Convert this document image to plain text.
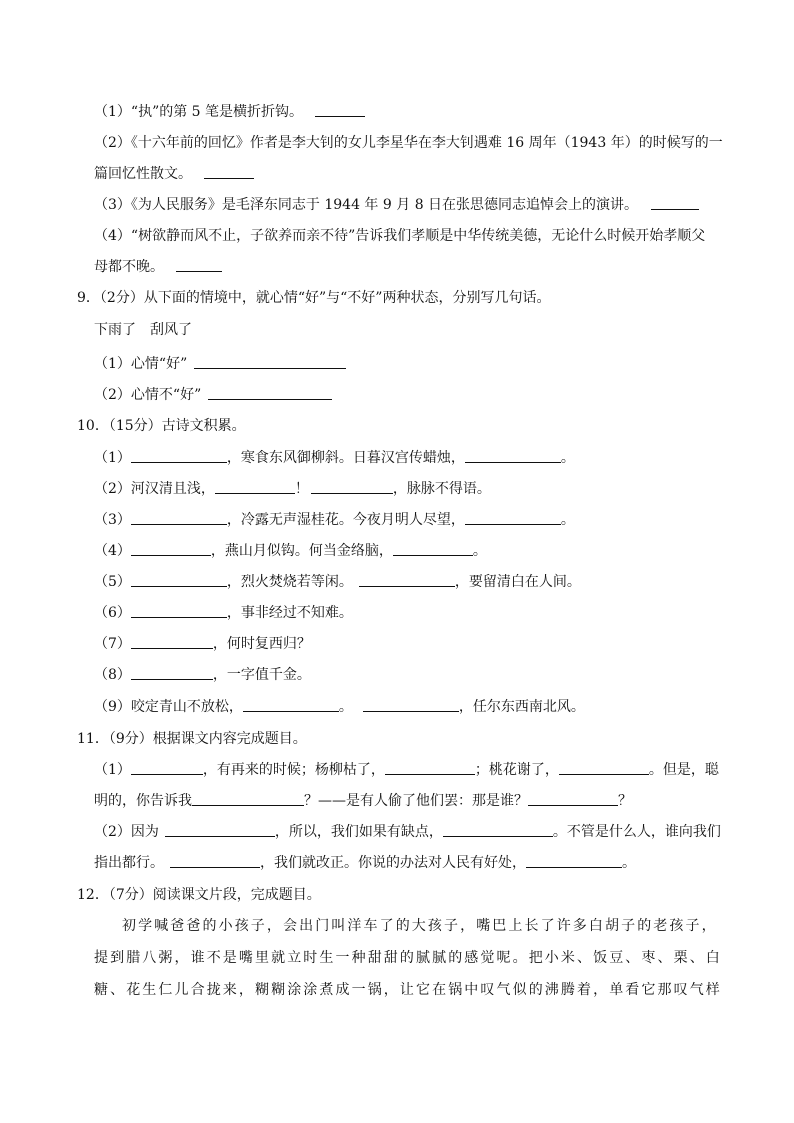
（1）“执”的第 5 笔是横折折钩。
（2）《十六年前的回忆》作者是李大钊的女儿李星华在李大钊遇难 16 周年（1943 年）的时候写的一
篇回忆性散文。
（3）《为人民服务》是毛泽东同志于 1944 年 9 月 8 日在张思德同志追悼会上的演讲。
（4）“树欲静而风不止，子欲养而亲不待”告诉我们孝顺是中华传统美德，无论什么时候开始孝顺父
母都不晚。
9．（2分）从下面的情境中，就心情“好”与“不好”两种状态，分别写几句话。
下雨了　刮风了
（1）心情“好”
（2）心情不“好”
10．（15分）古诗文积累。
（1）	，寒食东风御柳斜。日暮汉宫传蜡烛，	。
（2）河汉清且浅，	！	，脉脉不得语。
（3）	，冷露无声湿桂花。今夜月明人尽望，	。
（4）	，燕山月似钩。何当金络脑，	。
（5）	，烈火焚烧若等闲。	，要留清白在人间。
（6）	，事非经过不知难。
（7）	，何时复西归？
（8）	，一字值千金。
（9）咬定青山不放松，	。	，任尔东西南北风。
11．（9分）根据课文内容完成题目。
（1）	，有再来的时候；杨柳枯了，	；桃花谢了，	。但是，聪
明的，你告诉我	？——是有人偷了他们罢：那是谁？	？
（2）因为	，所以，我们如果有缺点，	。不管是什么人，谁向我们
指出都行。	，我们就改正。你说的办法对人民有好处，	。
12．（7分）阅读课文片段，完成题目。
初学喊爸爸的小孩子，会出门叫洋车了的大孩子，嘴巴上长了许多白胡子的老孩子，
提到腊八粥，谁不是嘴里就立时生一种甜甜的腻腻的感觉呢。把小米、饭豆、枣、栗、白
糖、花生仁儿合拢来，糊糊涂涂煮成一锅，让它在锅中叹气似的沸腾着，单看它那叹气样
